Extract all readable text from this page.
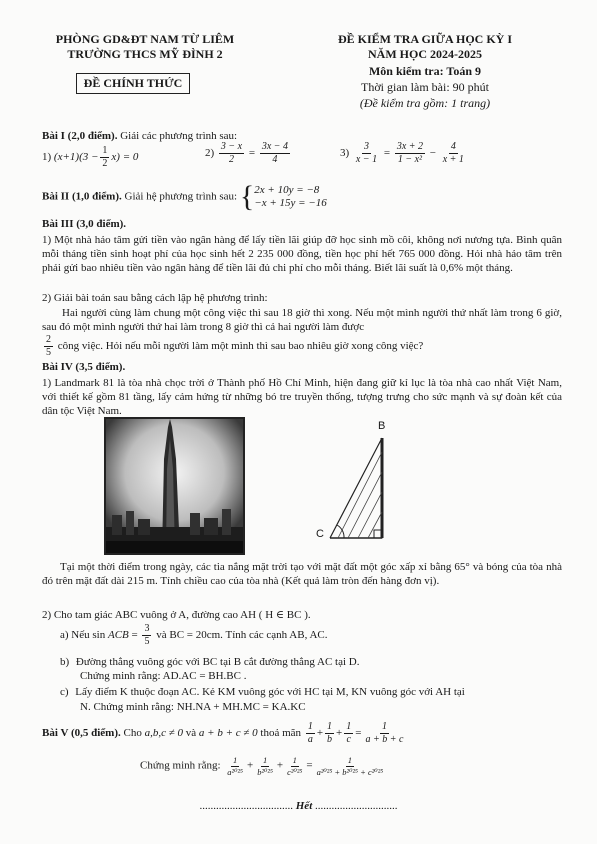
PHÒNG GD&ĐT NAM TỪ LIÊM
TRƯỜNG THCS MỸ ĐÌNH 2
ĐỀ CHÍNH THỨC
ĐỀ KIỂM TRA GIỮA HỌC KỲ I
NĂM HỌC 2024-2025
Môn kiểm tra: Toán 9
Thời gian làm bài: 90 phút
(Đề kiểm tra gồm: 1 trang)
Bài I (2,0 điểm). Giải các phương trình sau:
1) $(x+1)(3 - \frac{1}{2} x) = 0$	$2) \frac{3 - x}{2} = \frac{3x - 4}{4}$	$3) \frac{3}{x - 1} = \frac{3x + 2}{\text{1 − x²}} - \frac{4}{x + 1}$
Bài II (1,0 điểm). Giải hệ phương trình sau: { 2x + 10y = −8
−x + 15y = −16
Bài III (3,0 điểm).
1) Một nhà hảo tâm gửi tiền vào ngân hàng để lấy tiền lãi giúp đỡ học sinh mồ côi, không nơi nương tựa. Bình quân mỗi tháng tiền sinh hoạt phí của học sinh hết 2 235 000 đồng, tiền học phí hết 765 000 đồng. Hỏi nhà hảo tâm trên phải gửi bao nhiêu tiền vào ngân hàng để tiền lãi đủ chi phí cho mỗi tháng. Biết lãi suất là 0,6% một tháng.
2) Giải bài toán sau bằng cách lập hệ phương trình:
Hai người cùng làm chung một công việc thì sau 18 giờ thì xong. Nếu một mình người thứ nhất làm trong 6 giờ, sau đó một mình người thứ hai làm trong 8 giờ thì cả hai người làm được
$\frac{2}{5}$ công việc. Hỏi nếu mỗi người làm một mình thì sau bao nhiêu giờ xong công việc?
Bài IV (3,5 điểm).
1) Landmark 81 là tòa nhà chọc trời ở Thành phố Hồ Chí Minh, hiện đang giữ kỉ lục là tòa nhà cao nhất Việt Nam, với thiết kế gồm 81 tầng, lấy cảm hứng từ những bó tre truyền thống, tượng trưng cho sức mạnh và sự đoàn kết của dân tộc Việt Nam.
B
C
Tại một thời điểm trong ngày, các tia nắng mặt trời tạo với mặt đất một góc xấp xỉ bằng 65° và bóng của tòa nhà đó trên mặt đất dài 215 m. Tính chiều cao của tòa nhà (Kết quả làm tròn đến hàng đơn vị).
2) Cho tam giác ABC vuông ở A, đường cao AH ( H ∈ BC ).
a) Nếu sin ACB = $\frac{3}{5}$ và BC = 20cm. Tính các cạnh AB, AC.
b) Đường thẳng vuông góc với BC tại B cắt đường thẳng AC tại D.
Chứng minh rằng: AD.AC = BH.BC .
c) Lấy điểm K thuộc đoạn AC. Kẻ KM vuông góc với HC tại M, KN vuông góc với AH tại
N. Chứng minh rằng: NH.NA + MH.MC = KA.KC
Bài V (0,5 điểm). Cho a,b,c ≠ 0 và a + b + c ≠ 0 thoả mãn $\frac{1}{a} + \frac{1}{b} + \frac{1}{c} = \frac{1}{a + b + c}$
Chứng minh rằng: $\frac{1}{\text{a²⁰²⁵}} + \frac{1}{\text{b²⁰²⁵}} + \frac{1}{\text{c²⁰²⁵}} = \frac{1}{\text{a²⁰²⁵ + b²⁰²⁵ + c²⁰²⁵}}$
.................................. Hết ..............................
